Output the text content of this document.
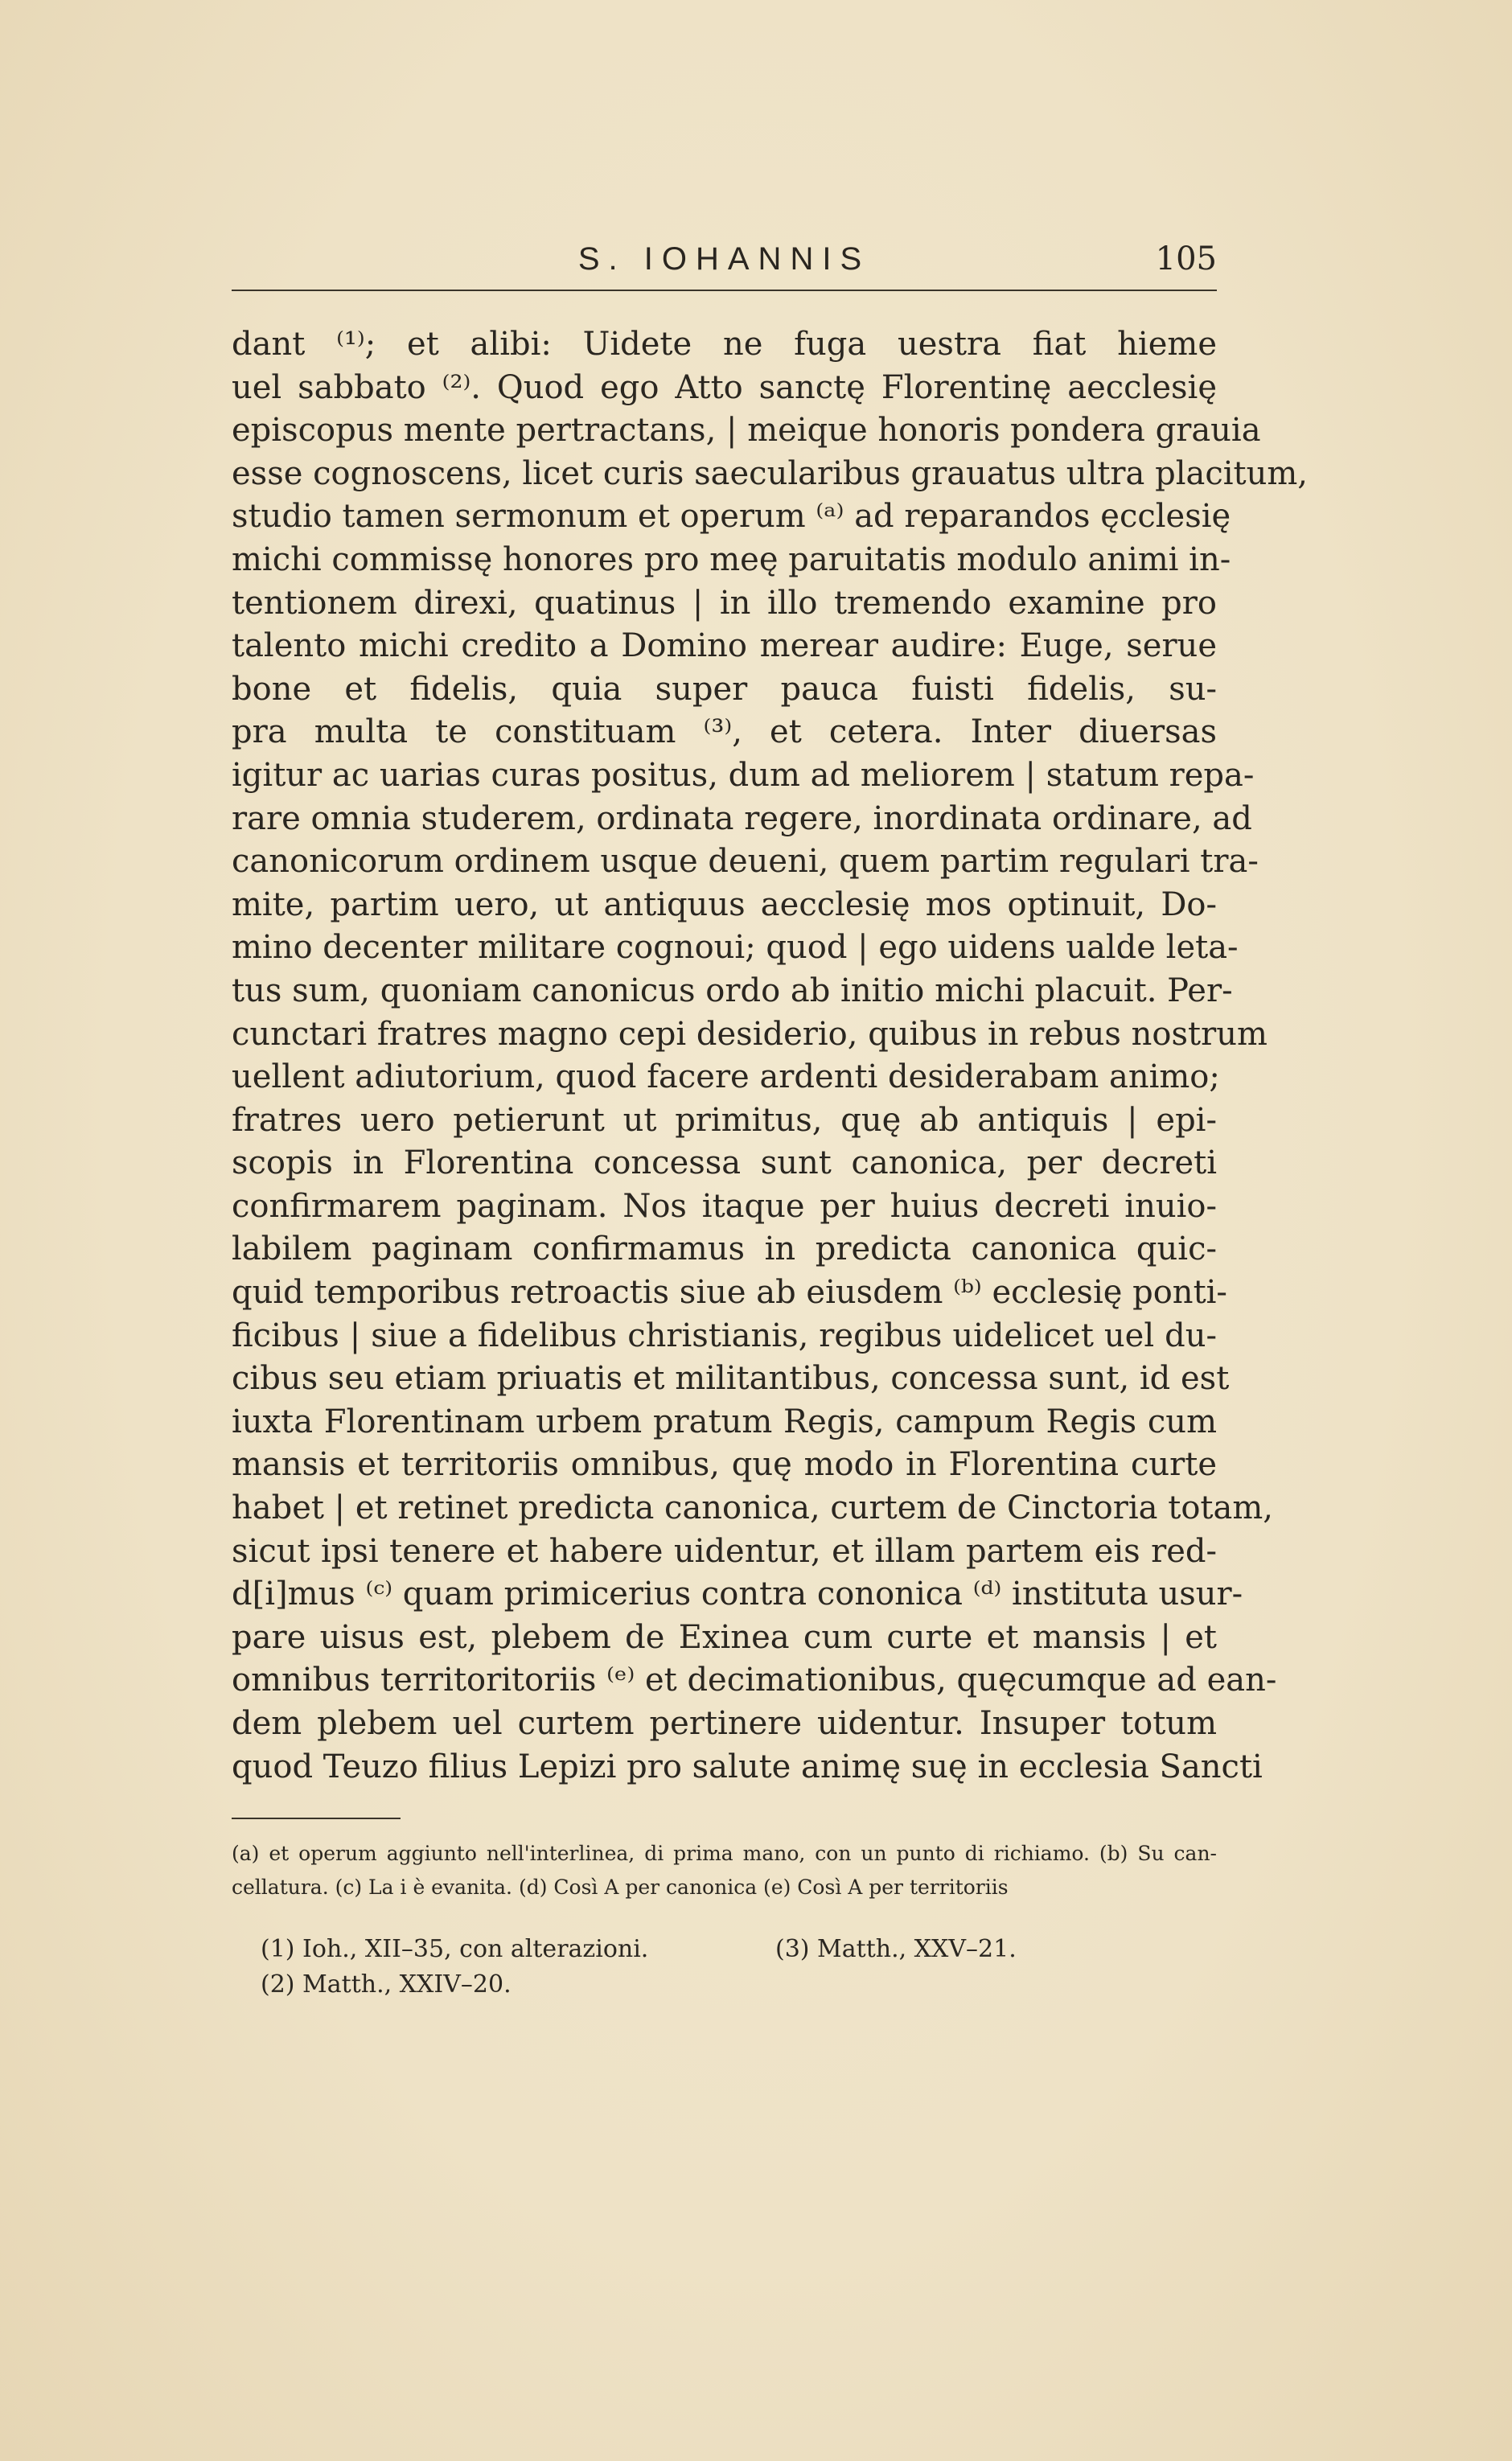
S. IOHANNIS	105
dant ⁽¹⁾; et alibi: Uidete ne fuga uestra fiat hieme
uel sabbato ⁽²⁾. Quod ego Atto sanctę Florentinę aecclesię
episcopus mente pertractans, | meique honoris pondera grauia
esse cognoscens, licet curis saecularibus grauatus ultra placitum,
studio tamen sermonum et operum ⁽ᵃ⁾ ad reparandos ęcclesię
michi commissę honores pro meę paruitatis modulo animi in-
tentionem direxi, quatinus | in illo tremendo examine pro
talento michi credito a Domino merear audire: Euge, serue
bone et fidelis, quia super pauca fuisti fidelis, su-
pra multa te constituam ⁽³⁾, et cetera. Inter diuersas
igitur ac uarias curas positus, dum ad meliorem | statum repa-
rare omnia studerem, ordinata regere, inordinata ordinare, ad
canonicorum ordinem usque deueni, quem partim regulari tra-
mite, partim uero, ut antiquus aecclesię mos optinuit, Do-
mino decenter militare cognoui; quod | ego uidens ualde leta-
tus sum, quoniam canonicus ordo ab initio michi placuit. Per-
cunctari fratres magno cepi desiderio, quibus in rebus nostrum
uellent adiutorium, quod facere ardenti desiderabam animo;
fratres uero petierunt ut primitus, quę ab antiquis | epi-
scopis in Florentina concessa sunt canonica, per decreti
confirmarem paginam. Nos itaque per huius decreti inuio-
labilem paginam confirmamus in predicta canonica quic-
quid temporibus retroactis siue ab eiusdem ⁽ᵇ⁾ ecclesię ponti-
ficibus | siue a fidelibus christianis, regibus uidelicet uel du-
cibus seu etiam priuatis et militantibus, concessa sunt, id est
iuxta Florentinam urbem pratum Regis, campum Regis cum
mansis et territoriis omnibus, quę modo in Florentina curte
habet | et retinet predicta canonica, curtem de Cinctoria totam,
sicut ipsi tenere et habere uidentur, et illam partem eis red-
d[i]mus ⁽ᶜ⁾ quam primicerius contra cononica ⁽ᵈ⁾ instituta usur-
pare uisus est, plebem de Exinea cum curte et mansis | et
omnibus territoritoriis ⁽ᵉ⁾ et decimationibus, quęcumque ad ean-
dem plebem uel curtem pertinere uidentur. Insuper totum
quod Teuzo filius Lepizi pro salute animę suę in ecclesia Sancti
(a) et operum aggiunto nell'interlinea, di prima mano, con un punto di richiamo. (b) Su can-
cellatura. (c) La i è evanita. (d) Così A per canonica (e) Così A per territoriis
(1) Ioh., XII–35, con alterazioni.	(3) Matth., XXV–21.
(2) Matth., XXIV–20.
